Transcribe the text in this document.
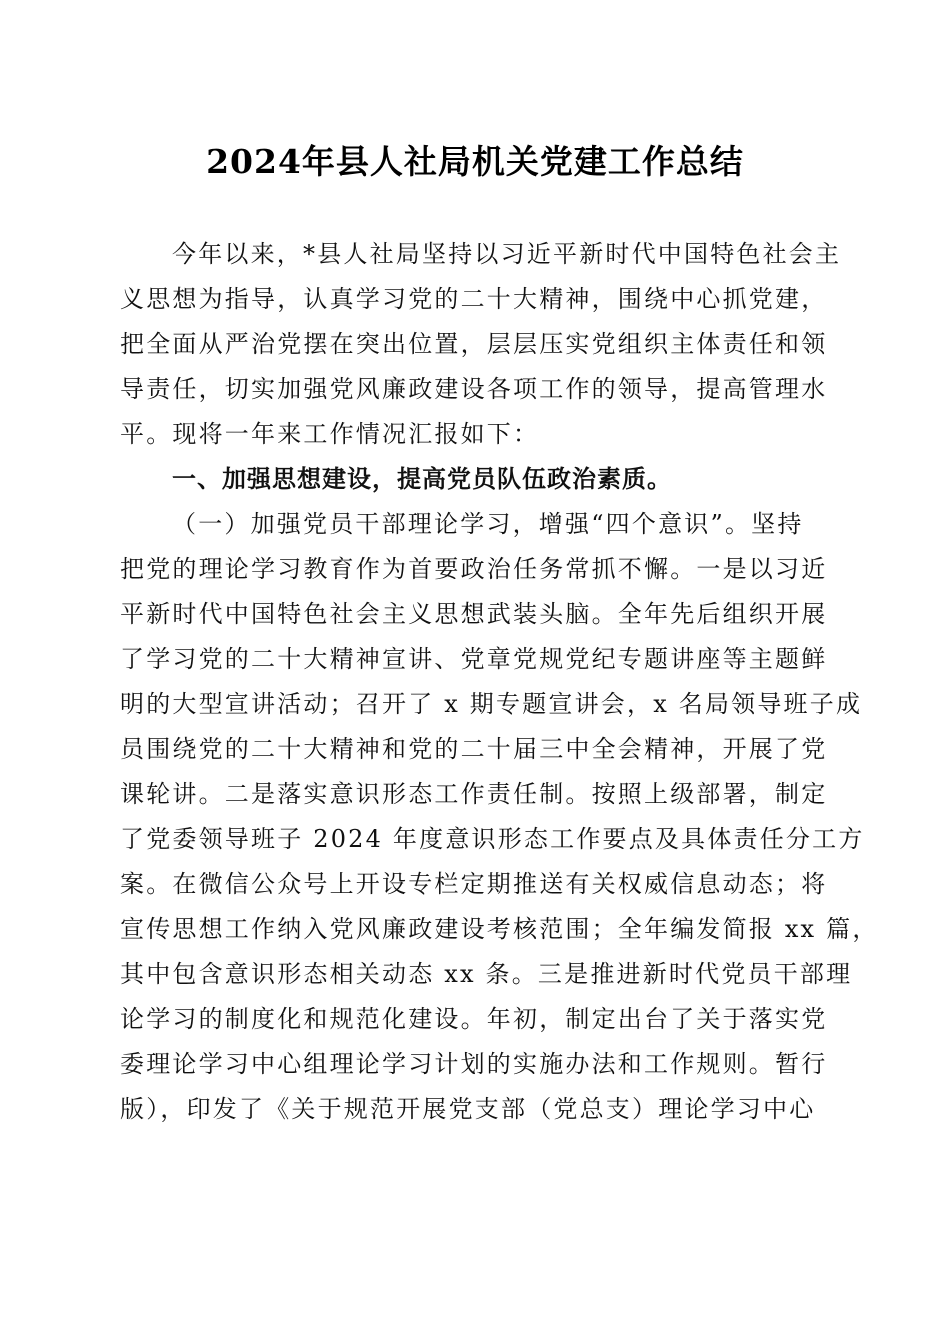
2024年县人社局机关党建工作总结

今年以来，*县人社局坚持以习近平新时代中国特色社会主
义思想为指导，认真学习党的二十大精神，围绕中心抓党建，
把全面从严治党摆在突出位置，层层压实党组织主体责任和领
导责任，切实加强党风廉政建设各项工作的领导，提高管理水
平。现将一年来工作情况汇报如下：

一、加强思想建设，提高党员队伍政治素质。

（一）加强党员干部理论学习，增强“四个意识”。坚持
把党的理论学习教育作为首要政治任务常抓不懈。一是以习近
平新时代中国特色社会主义思想武装头脑。全年先后组织开展
了学习党的二十大精神宣讲、党章党规党纪专题讲座等主题鲜
明的大型宣讲活动；召开了 x 期专题宣讲会，x 名局领导班子成
员围绕党的二十大精神和党的二十届三中全会精神，开展了党
课轮讲。二是落实意识形态工作责任制。按照上级部署，制定
了党委领导班子 2024 年度意识形态工作要点及具体责任分工方
案。在微信公众号上开设专栏定期推送有关权威信息动态；将
宣传思想工作纳入党风廉政建设考核范围；全年编发简报 xx 篇，
其中包含意识形态相关动态 xx 条。三是推进新时代党员干部理
论学习的制度化和规范化建设。年初，制定出台了关于落实党
委理论学习中心组理论学习计划的实施办法和工作规则。暂行
版），印发了《关于规范开展党支部（党总支）理论学习中心
